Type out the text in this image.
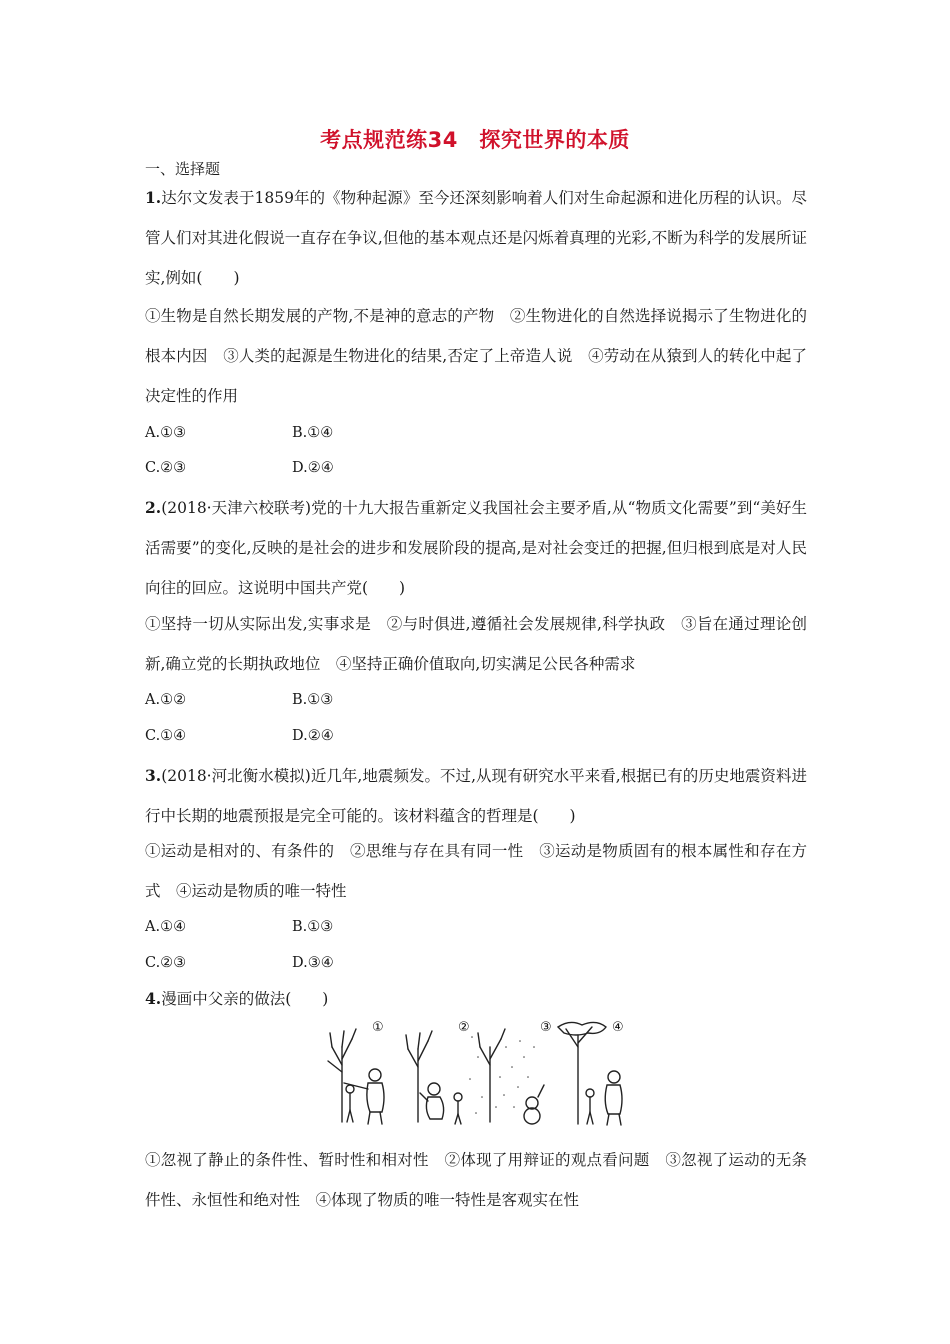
考点规范练34　探究世界的本质
一、选择题
1.达尔文发表于1859年的《物种起源》至今还深刻影响着人们对生命起源和进化历程的认识。尽管人们对其进化假说一直存在争议,但他的基本观点还是闪烁着真理的光彩,不断为科学的发展所证实,例如(　　)
①生物是自然长期发展的产物,不是神的意志的产物　②生物进化的自然选择说揭示了生物进化的根本内因　③人类的起源是生物进化的结果,否定了上帝造人说　④劳动在从猿到人的转化中起了决定性的作用
A.①③	B.①④
C.②③	D.②④
2.(2018·天津六校联考)党的十九大报告重新定义我国社会主要矛盾,从“物质文化需要”到“美好生活需要”的变化,反映的是社会的进步和发展阶段的提高,是对社会变迁的把握,但归根到底是对人民向往的回应。这说明中国共产党(　　)
①坚持一切从实际出发,实事求是　②与时俱进,遵循社会发展规律,科学执政　③旨在通过理论创新,确立党的长期执政地位　④坚持正确价值取向,切实满足公民各种需求
A.①②	B.①③
C.①④	D.②④
3.(2018·河北衡水模拟)近几年,地震频发。不过,从现有研究水平来看,根据已有的历史地震资料进行中长期的地震预报是完全可能的。该材料蕴含的哲理是(　　)
①运动是相对的、有条件的　②思维与存在具有同一性　③运动是物质固有的根本属性和存在方式　④运动是物质的唯一特性
A.①④	B.①③
C.②③	D.③④
4.漫画中父亲的做法(　　)
①	②	③	④
①忽视了静止的条件性、暂时性和相对性　②体现了用辩证的观点看问题　③忽视了运动的无条件性、永恒性和绝对性　④体现了物质的唯一特性是客观实在性
